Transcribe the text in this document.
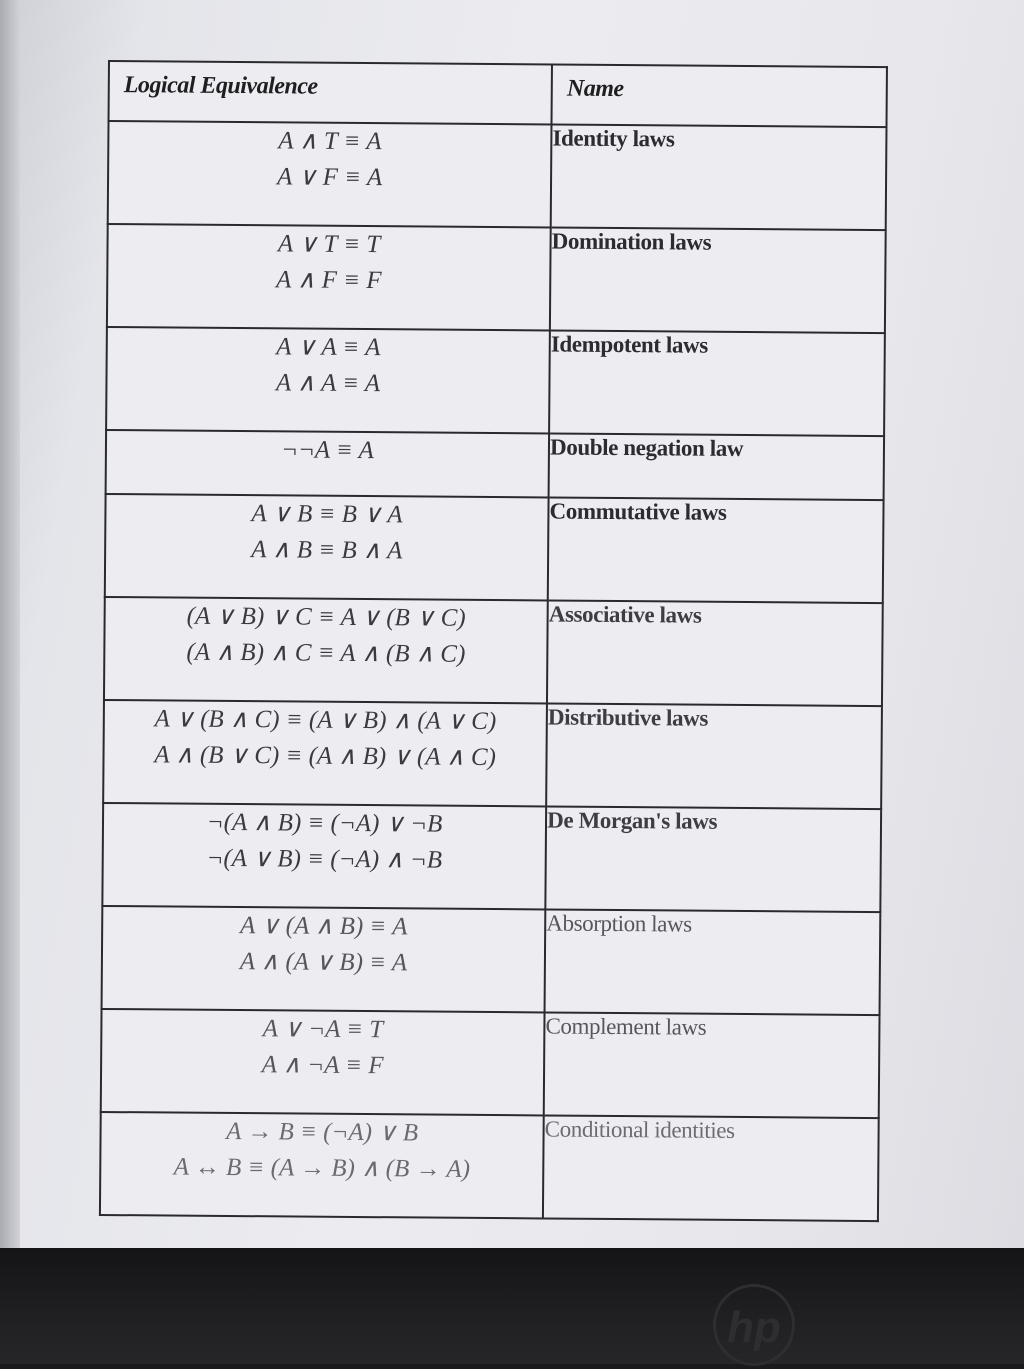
Logical Equivalence	Name

A ∧ T ≡ A
A ∨ F ≡ A	Identity laws

A ∨ T ≡ T
A ∧ F ≡ F	Domination laws

A ∨ A ≡ A
A ∧ A ≡ A	Idempotent laws

¬¬A ≡ A	Double negation law

A ∨ B ≡ B ∨ A
A ∧ B ≡ B ∧ A	Commutative laws

(A ∨ B) ∨ C ≡ A ∨ (B ∨ C)
(A ∧ B) ∧ C ≡ A ∧ (B ∧ C)	Associative laws

A ∨ (B ∧ C) ≡ (A ∨ B) ∧ (A ∨ C)
A ∧ (B ∨ C) ≡ (A ∧ B) ∨ (A ∧ C)	Distributive laws

¬(A ∧ B) ≡ (¬A) ∨ ¬B
¬(A ∨ B) ≡ (¬A) ∧ ¬B	De Morgan's laws

A ∨ (A ∧ B) ≡ A
A ∧ (A ∨ B) ≡ A	Absorption laws

A ∨ ¬A ≡ T
A ∧ ¬A ≡ F	Complement laws

A → B ≡ (¬A) ∨ B
A ↔ B ≡ (A → B) ∧ (B → A)	Conditional identities
hp
